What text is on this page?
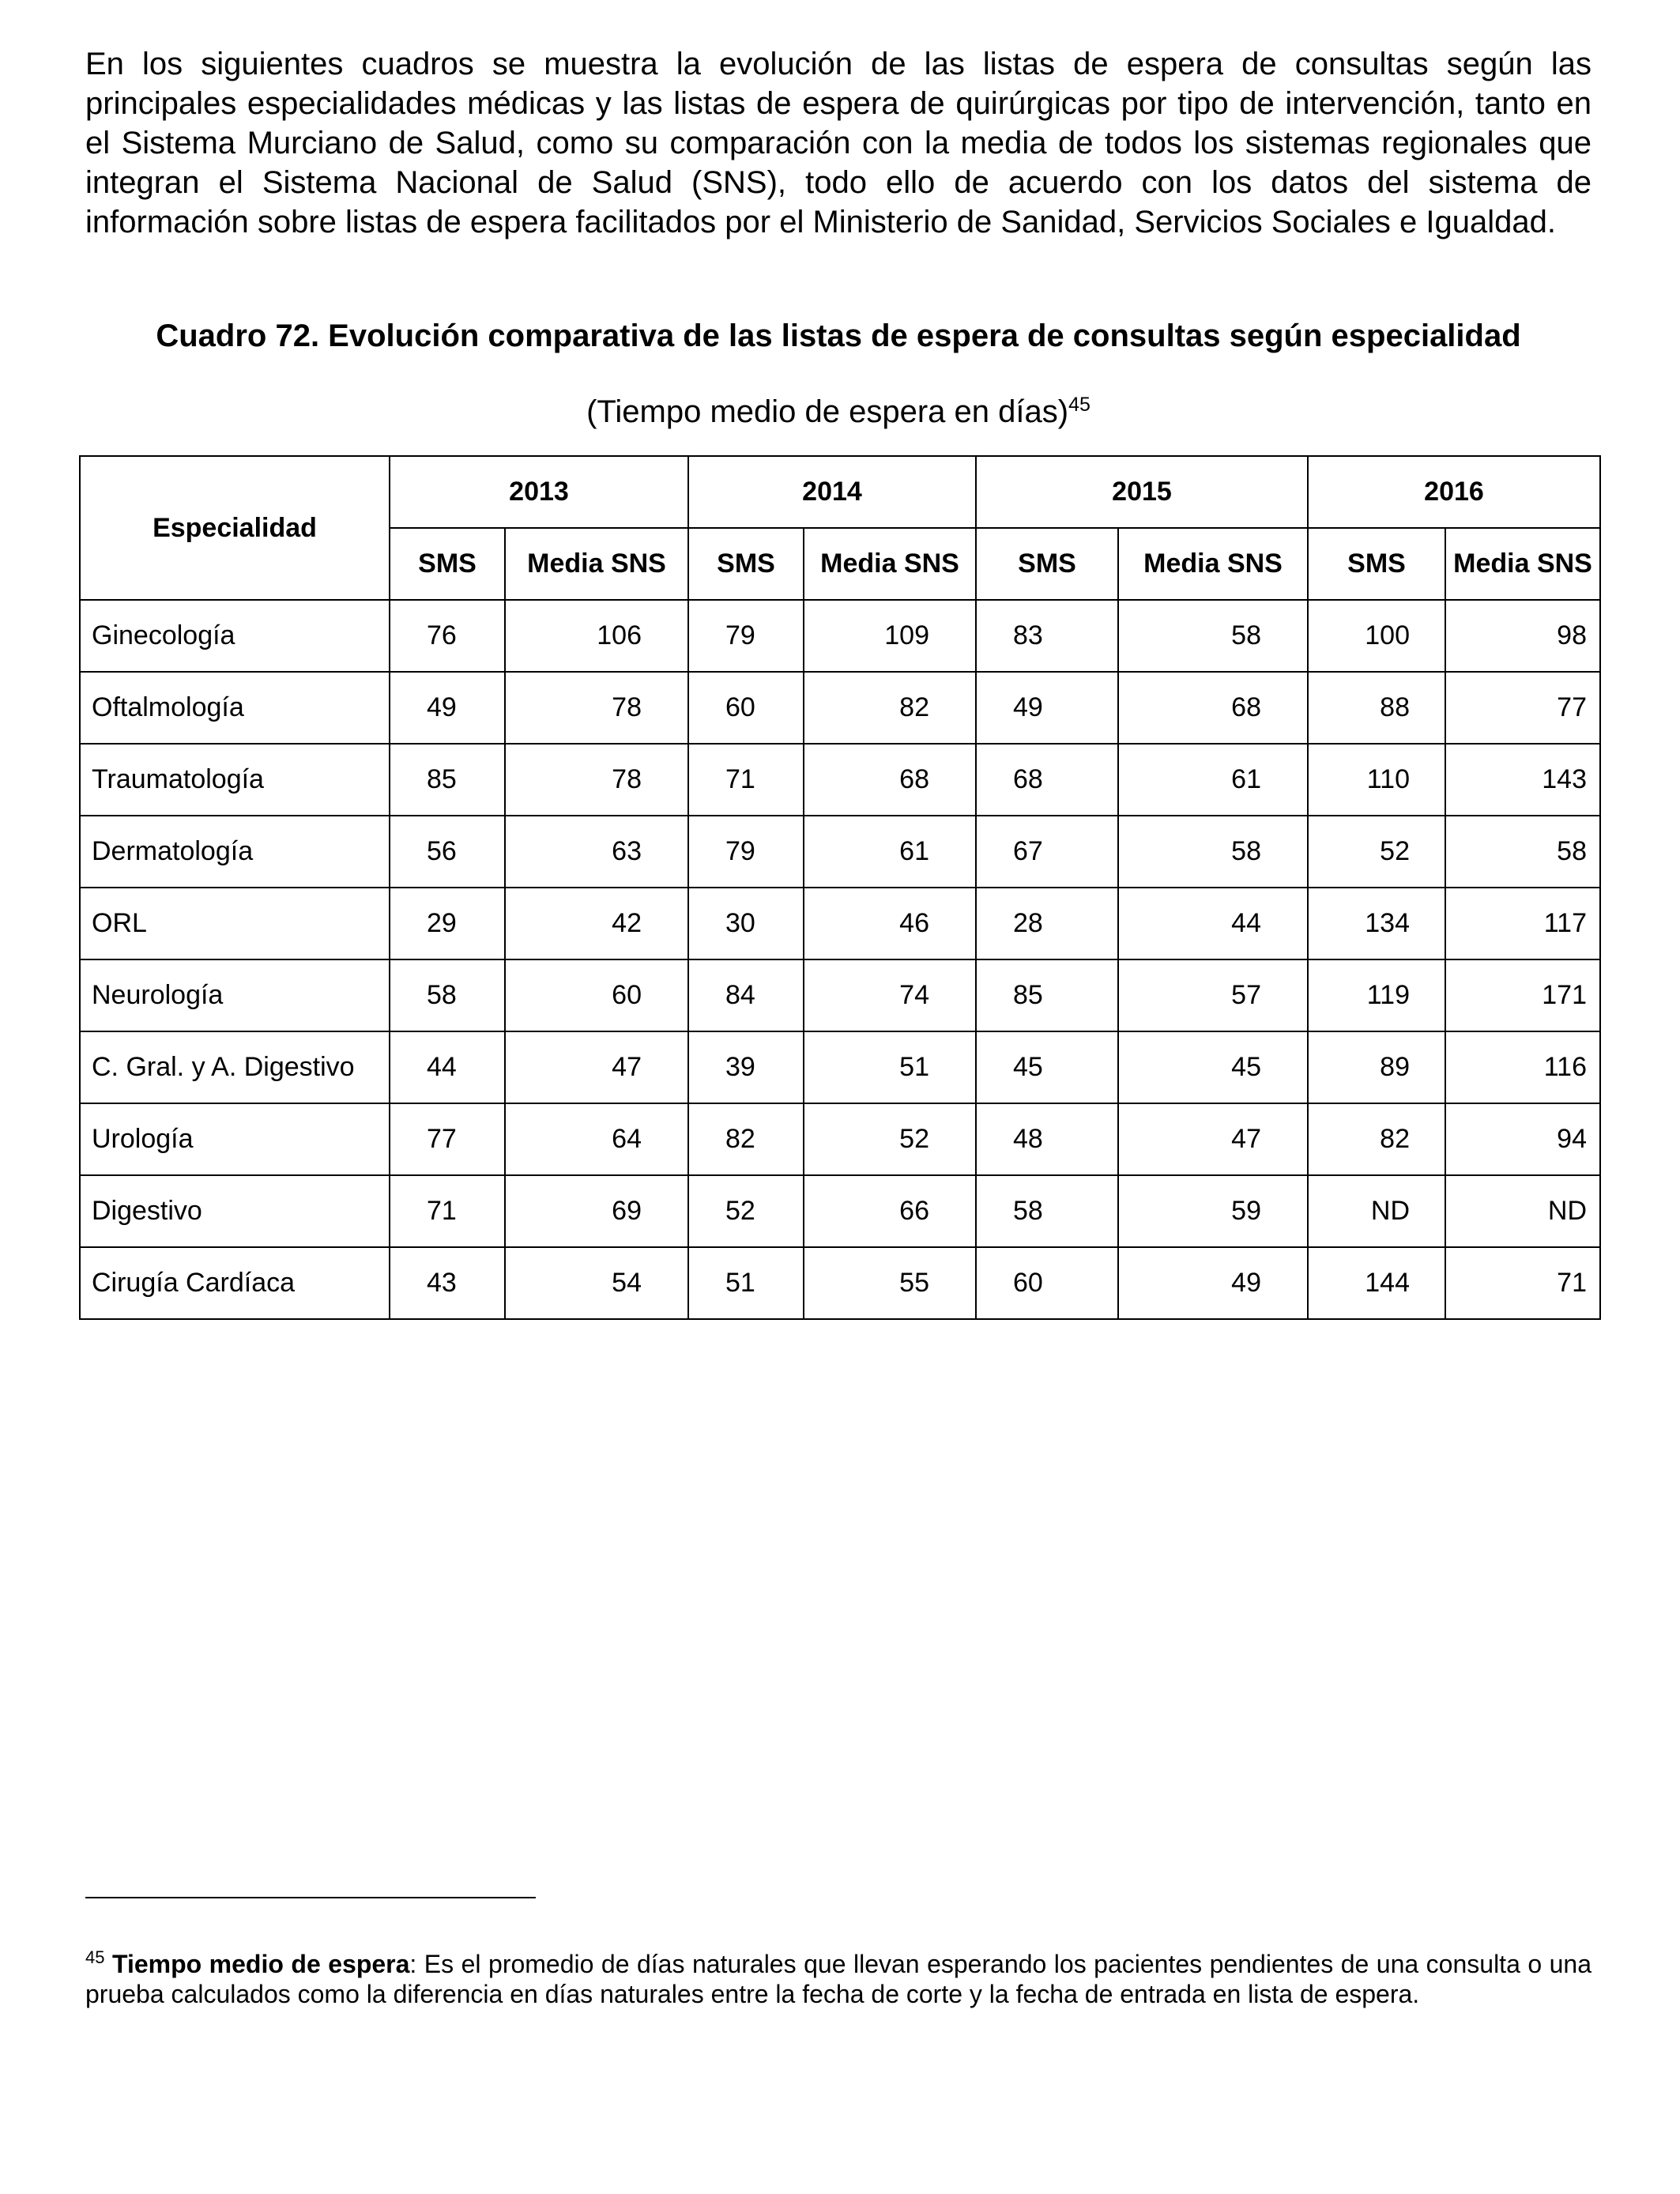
En los siguientes cuadros se muestra la evolución de las listas de espera de consultas según las principales especialidades médicas y las listas de espera de quirúrgicas por tipo de intervención, tanto en el Sistema Murciano de Salud, como su comparación con la media de todos los sistemas regionales que integran el Sistema Nacional de Salud (SNS), todo ello de acuerdo con los datos del sistema de información sobre listas de espera facilitados por el Ministerio de Sanidad, Servicios Sociales e Igualdad.

Cuadro 72. Evolución comparativa de las listas de espera de consultas según especialidad

(Tiempo medio de espera en días)$^{45}$

Especialidad	2013		2014		2015		2016	
	SMS	Media SNS	SMS	Media SNS	SMS	Media SNS	SMS	Media SNS
Ginecología	76	106	79	109	83	58	100	98
Oftalmología	49	78	60	82	49	68	88	77
Traumatología	85	78	71	68	68	61	110	143
Dermatología	56	63	79	61	67	58	52	58
ORL	29	42	30	46	28	44	134	117
Neurología	58	60	84	74	85	57	119	171
C. Gral. y A. Digestivo	44	47	39	51	45	45	89	116
Urología	77	64	82	52	48	47	82	94
Digestivo	71	69	52	66	58	59	ND	ND
Cirugía Cardíaca	43	54	51	55	60	49	144	71

$^{45}$ Tiempo medio de espera: Es el promedio de días naturales que llevan esperando los pacientes pendientes de una consulta o una prueba calculados como la diferencia en días naturales entre la fecha de corte y la fecha de entrada en lista de espera.
